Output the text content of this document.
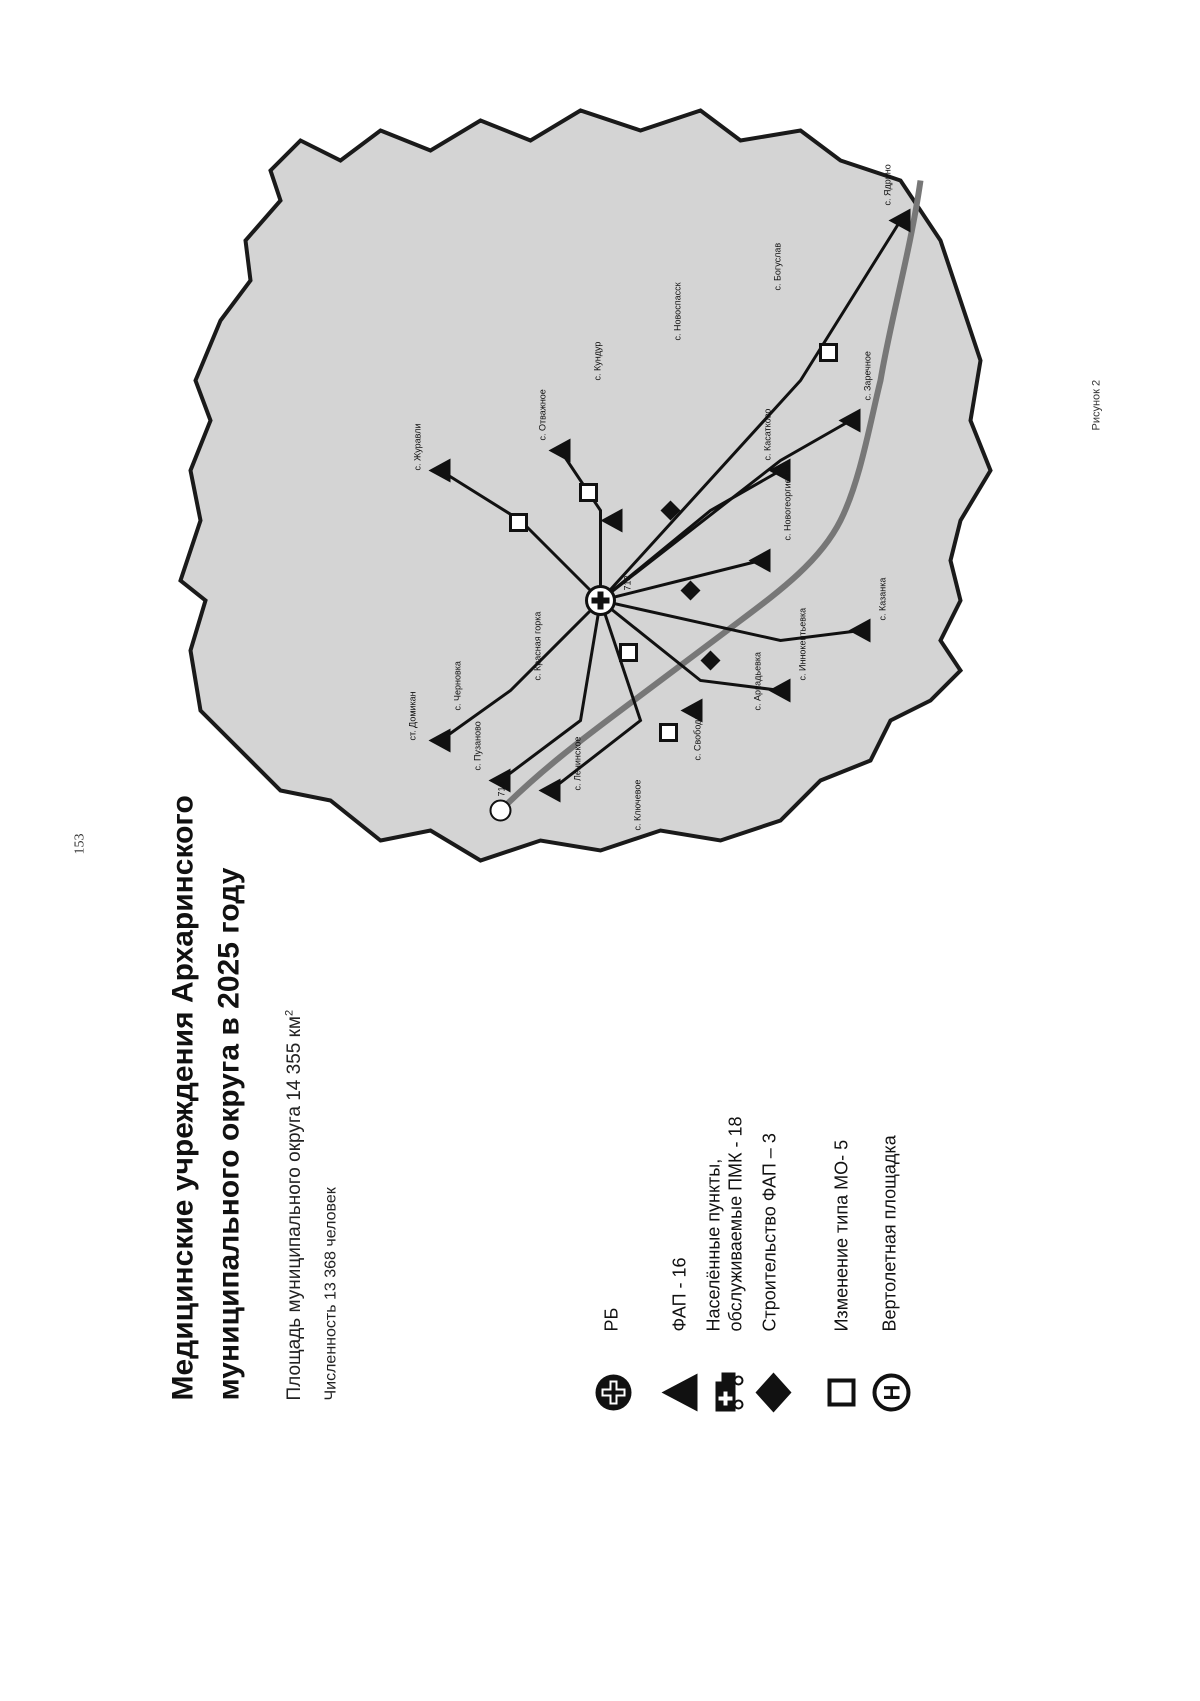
153	Медицинские учреждения Архаринского муниципального округа в 2025 году	Площадь муниципального округа 14 355 $км^2$
Численность 13 368 человек	РБ	ФАП - 16 Населённые пункты, обслуживаемые ПМК - 18 Строительство ФАП – 3	Изменение типа МО- 5
H
Вертолетная площадка
716
713
с. Пузаново
ст. Домикан
с. Черновка
с. Красная горка
с. Журавли
с. Отважное
с. Кундур
с. Новоспасск
с. Богуслав
с. Ядрино
с. Касатково
с. Новогеоргиевка
с. Иннокентьевка
с. Аркадьевка
с. Казанка
с. Заречное
с. Ленинское
с. Ключевое
с. Свободное
Рисунок 2
